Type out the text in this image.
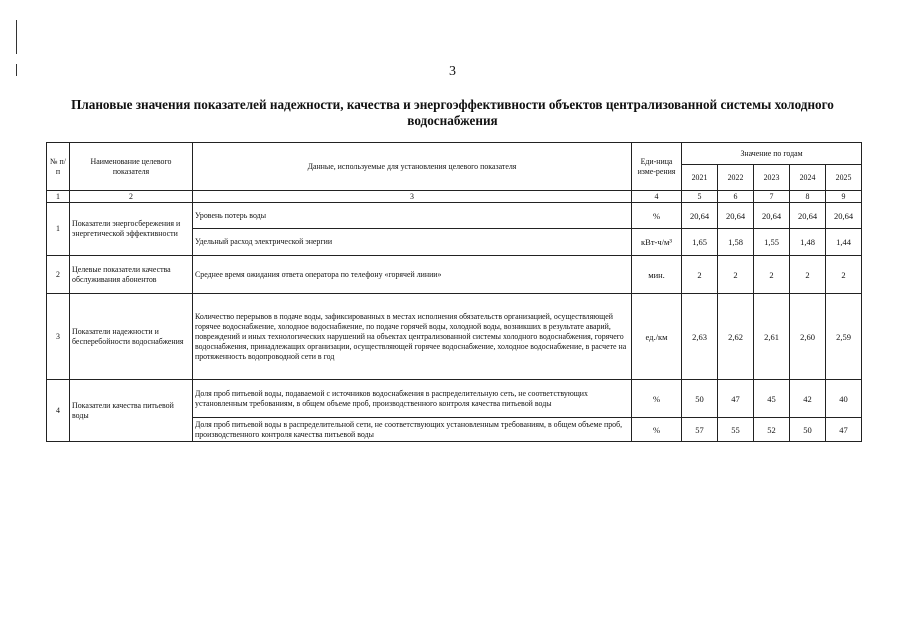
3
Плановые значения показателей надежности, качества и энергоэффективности объектов централизованной системы холодного водоснабжения
№ п/п	Наименование целевого показателя	Данные, используемые для установления целевого показателя	Еди-ница изме-рения	Значение по годам				
				2021	2022	2023	2024	2025
1	2	3	4	5	6	7	8	9
1	Показатели энергосбережения и энергетической эффективности	Уровень потерь воды	%	20,64	20,64	20,64	20,64	20,64
		Удельный расход электрической энергии	кВт-ч/м³	1,65	1,58	1,55	1,48	1,44
2	Целевые показатели качества обслуживания абонентов	Среднее время ожидания ответа оператора по телефону «горячей линии»	мин.	2	2	2	2	2
3	Показатели надежности и бесперебойности водоснабжения	Количество перерывов в подаче воды, зафиксированных в местах исполнения обязательств организацией, осуществляющей горячее водоснабжение, холодное водоснабжение, по подаче горячей воды, холодной воды, возникших в результате аварий, повреждений и иных технологических нарушений на объектах централизованной системы холодного водоснабжения, горячего водоснабжения, принадлежащих организации, осуществляющей горячее водоснабжение, холодное водоснабжение, в расчете на протяженность водопроводной сети в год	ед./км	2,63	2,62	2,61	2,60	2,59
4	Показатели качества питьевой воды	Доля проб питьевой воды, подаваемой с источников водоснабжения в распределительную сеть, не соответствующих установленным требованиям, в общем объеме проб, производственного контроля качества питьевой воды	%	50	47	45	42	40
		Доля проб питьевой воды в распределительной сети, не соответствующих установленным требованиям, в общем объеме проб, производственного контроля качества питьевой воды	%	57	55	52	50	47
